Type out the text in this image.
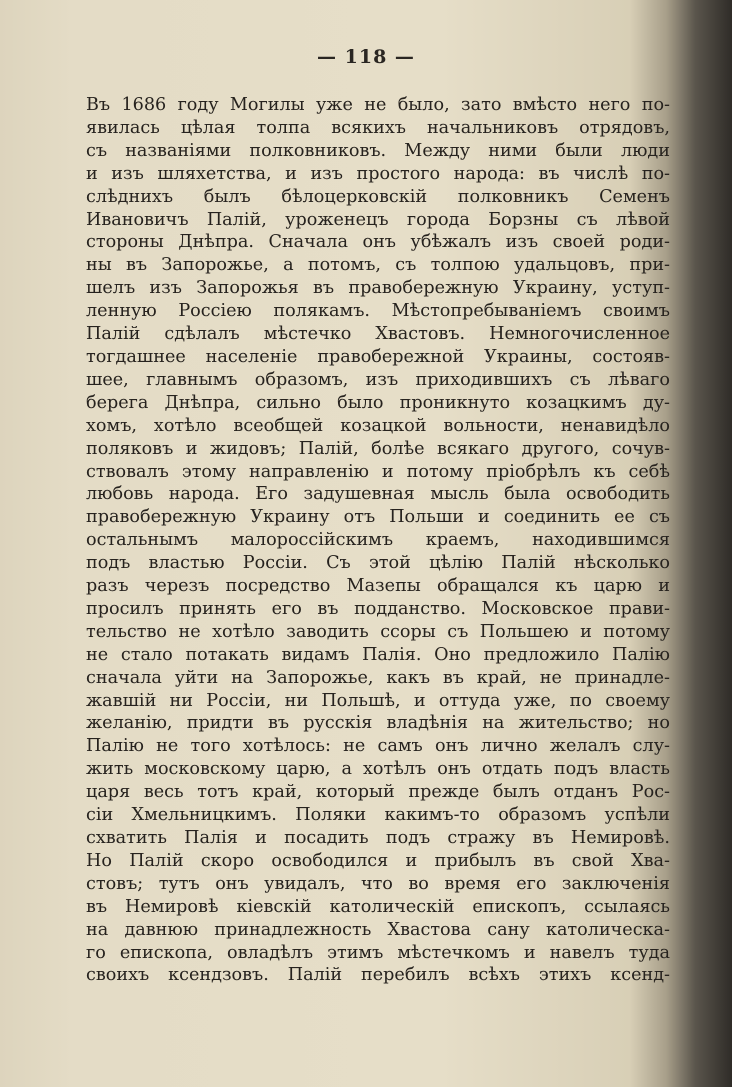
— 118 —
Въ 1686 году Могилы уже не было, зато вмѣсто него по-
явилась цѣлая толпа всякихъ начальниковъ отрядовъ,
съ названіями полковниковъ. Между ними были люди
и изъ шляхетства, и изъ простого народа: въ числѣ по-
слѣднихъ былъ бѣлоцерковскій полковникъ Семенъ
Ивановичъ Палій, уроженецъ города Борзны съ лѣвой
стороны Днѣпра. Сначала онъ убѣжалъ изъ своей роди-
ны въ Запорожье, а потомъ, съ толпою удальцовъ, при-
шелъ изъ Запорожья въ правобережную Украину, уступ-
ленную Россіею полякамъ. Мѣстопребываніемъ своимъ
Палій сдѣлалъ мѣстечко Хвастовъ. Немногочисленное
тогдашнее населеніе правобережной Украины, состояв-
шее, главнымъ образомъ, изъ приходившихъ съ лѣваго
берега Днѣпра, сильно было проникнуто козацкимъ ду-
хомъ, хотѣло всеобщей козацкой вольности, ненавидѣло
поляковъ и жидовъ; Палій, болѣе всякаго другого, сочув-
ствовалъ этому направленію и потому пріобрѣлъ къ себѣ
любовь народа. Его задушевная мысль была освободить
правобережную Украину отъ Польши и соединить ее съ
остальнымъ малороссійскимъ краемъ, находившимся
подъ властью Россіи. Съ этой цѣлію Палій нѣсколько
разъ черезъ посредство Мазепы обращался къ царю и
просилъ принять его въ подданство. Московское прави-
тельство не хотѣло заводить ссоры съ Польшею и потому
не стало потакать видамъ Палія. Оно предложило Палію
сначала уйти на Запорожье, какъ въ край, не принадле-
жавшій ни Россіи, ни Польшѣ, и оттуда уже, по своему
желанію, придти въ русскія владѣнія на жительство; но
Палію не того хотѣлось: не самъ онъ лично желалъ слу-
жить московскому царю, а хотѣлъ онъ отдать подъ власть
царя весь тотъ край, который прежде былъ отданъ Рос-
сіи Хмельницкимъ. Поляки какимъ-то образомъ успѣли
схватить Палія и посадить подъ стражу въ Немировѣ.
Но Палій скоро освободился и прибылъ въ свой Хва-
стовъ; тутъ онъ увидалъ, что во время его заключенія
въ Немировѣ кіевскій католическій епископъ, ссылаясь
на давнюю принадлежность Хвастова сану католическа-
го епископа, овладѣлъ этимъ мѣстечкомъ и навелъ туда
своихъ ксендзовъ. Палій перебилъ всѣхъ этихъ ксенд-
